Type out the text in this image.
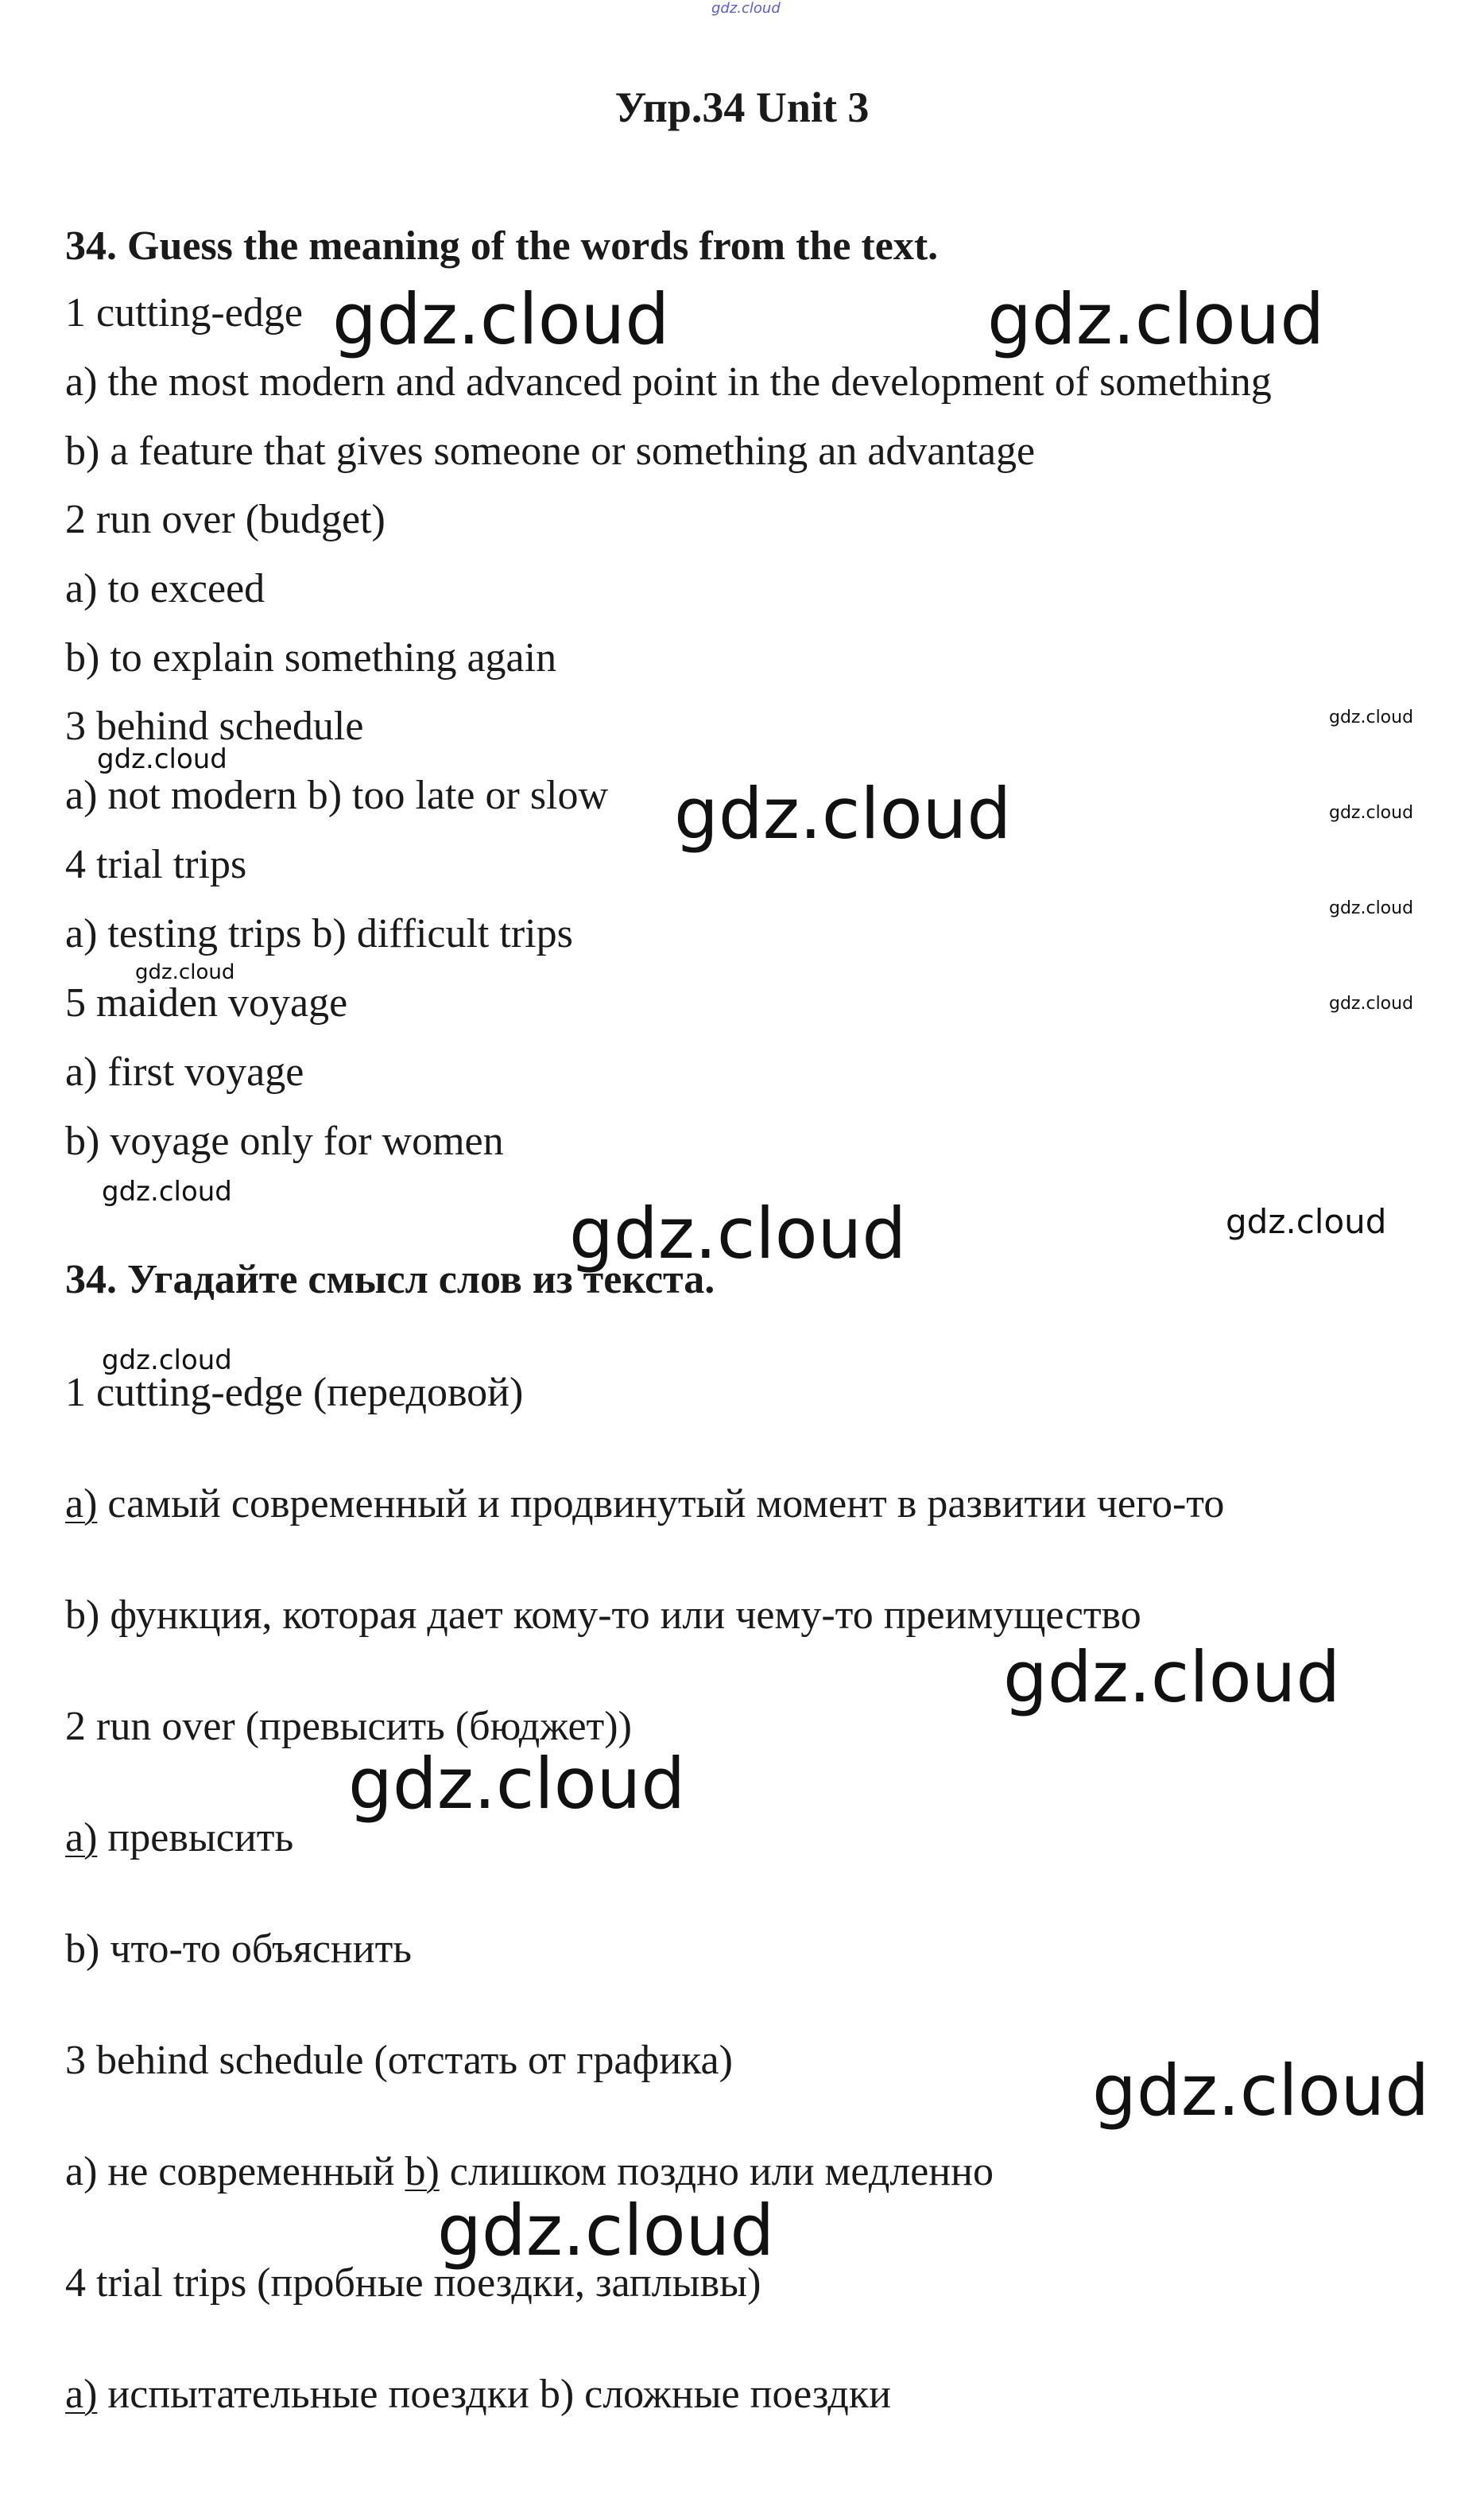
gdz.cloud
Упр.34 Unit 3

34. Guess the meaning of the words from the text.

1 cutting-edge

a) the most modern and advanced point in the development of something

b) a feature that gives someone or something an advantage

2 run over (budget)

a) to exceed

b) to explain something again

3 behind schedule

a) not modern b) too late or slow

4 trial trips

a) testing trips b) difficult trips

5 maiden voyage

a) first voyage

b) voyage only for women

34. Угадайте смысл слов из текста.

1 cutting-edge (передовой)

a) самый современный и продвинутый момент в развитии чего-то

b) функция, которая дает кому-то или чему-то преимущество

2 run over (превысить (бюджет))

a) превысить

b) что-то объяснить

3 behind schedule (отстать от графика)

a) не современный b) слишком поздно или медленно

4 trial trips (пробные поездки, заплывы)

a) испытательные поездки b) сложные поездки

gdz.cloud	gdz.cloud
gdz.cloud
gdz.cloud
gdz.cloud
gdz.cloud
gdz.cloud
gdz.cloud
gdz.cloud
gdz.cloud
gdz.cloud	gdz.cloud
gdz.cloud
gdz.cloud
gdz.cloud
gdz.cloud
gdz.cloud
